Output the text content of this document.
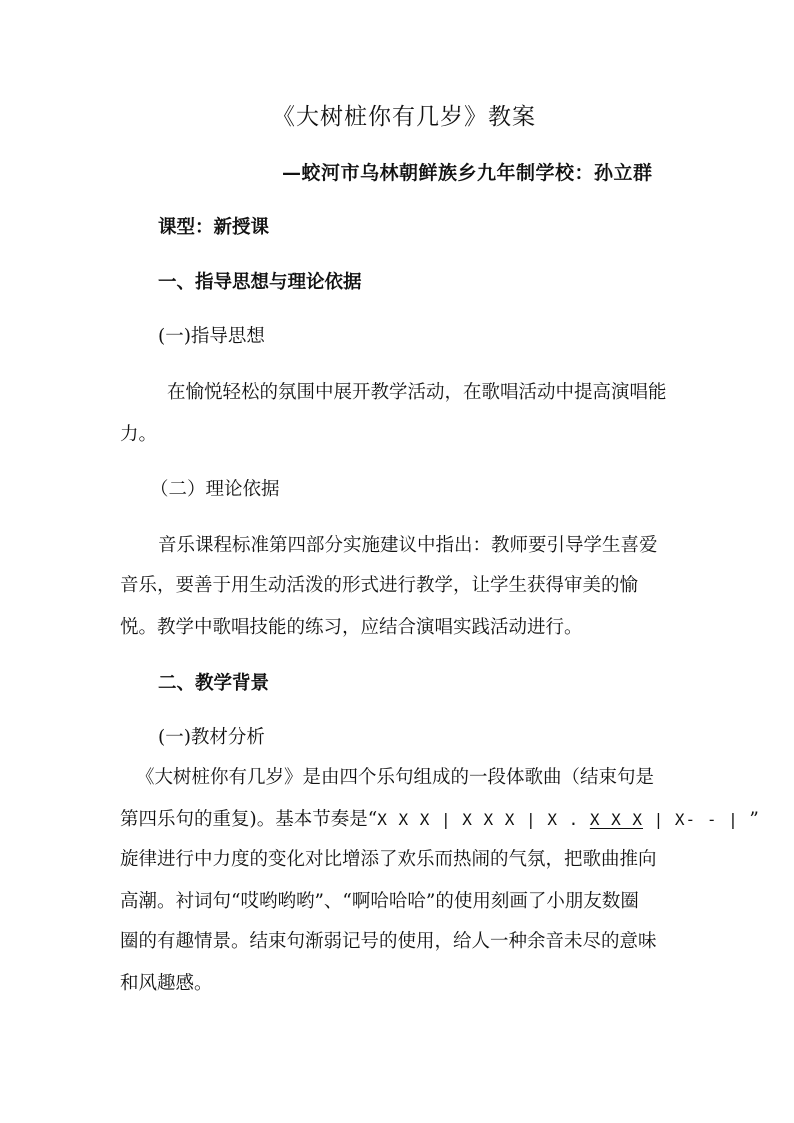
《大树桩你有几岁》教案
—蛟河市乌林朝鲜族乡九年制学校：孙立群
课型：新授课
一、指导思想与理论依据
(一)指导思想
在愉悦轻松的氛围中展开教学活动，在歌唱活动中提高演唱能
力。
（二）理论依据
音乐课程标准第四部分实施建议中指出：教师要引导学生喜爱
音乐，要善于用生动活泼的形式进行教学，让学生获得审美的愉
悦。教学中歌唱技能的练习，应结合演唱实践活动进行。
二、教学背景
(一)教材分析
《大树桩你有几岁》是由四个乐句组成的一段体歌曲（结束句是
第四乐句的重复)。基本节奏是“X X X | X X X | X . X X X | X- - | ”
旋律进行中力度的变化对比增添了欢乐而热闹的气氛，把歌曲推向
高潮。衬词句“哎哟哟哟”、“啊哈哈哈”的使用刻画了小朋友数圈
圈的有趣情景。结束句渐弱记号的使用，给人一种余音未尽的意味
和风趣感。
